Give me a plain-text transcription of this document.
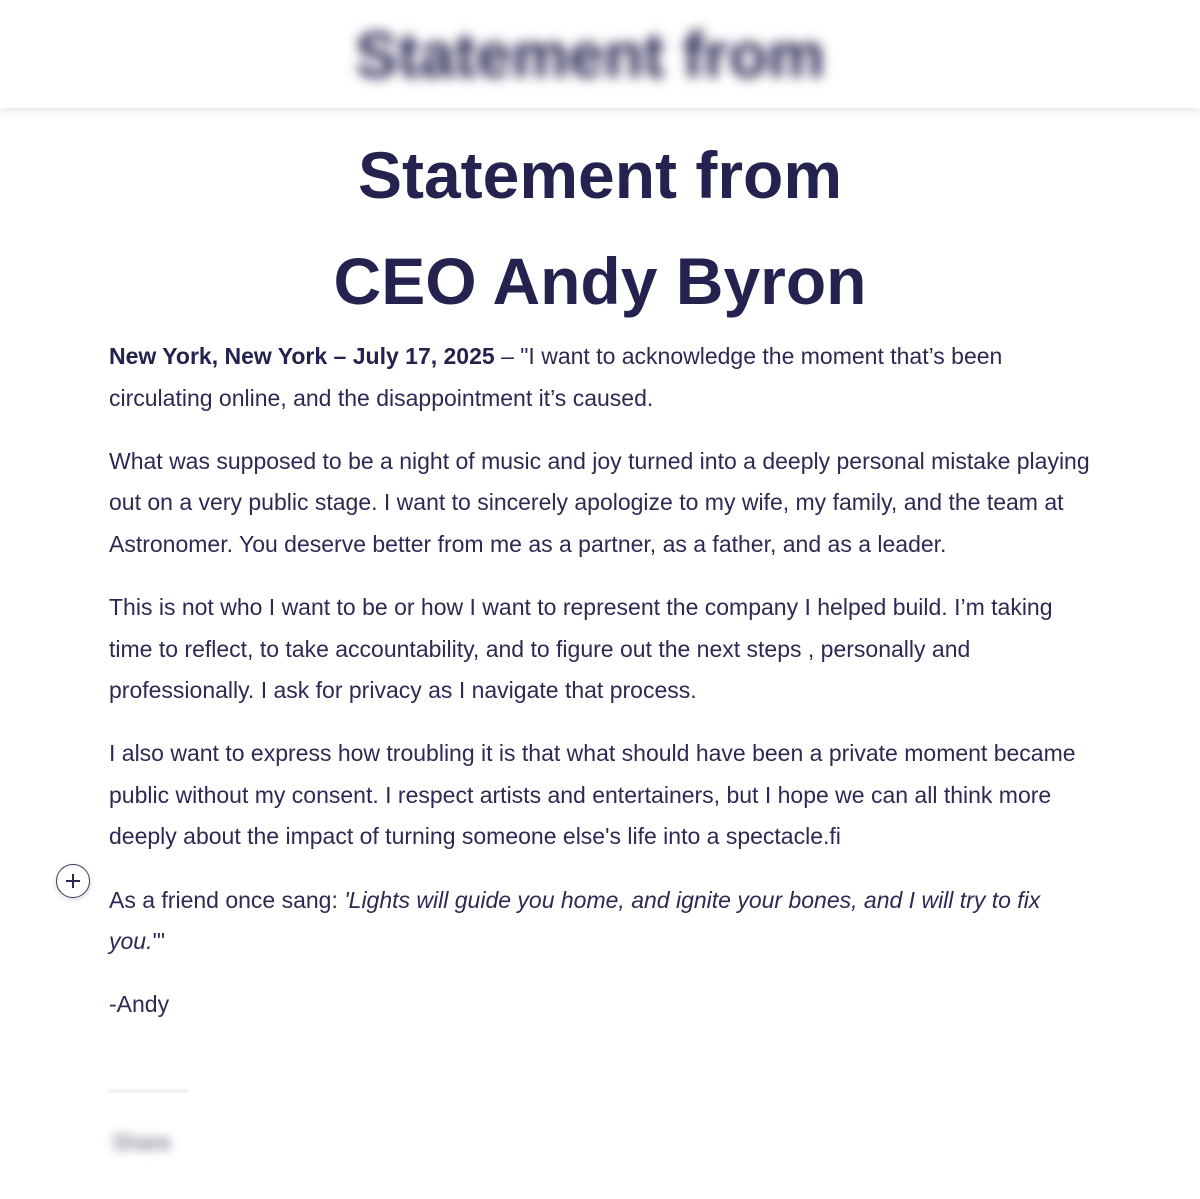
Statement from
Statement from
CEO Andy Byron

New York, New York – July 17, 2025 – "I want to acknowledge the moment that’s been circulating online, and the disappointment it’s caused.

What was supposed to be a night of music and joy turned into a deeply personal mistake playing out on a very public stage. I want to sincerely apologize to my wife, my family, and the team at Astronomer. You deserve better from me as a partner, as a father, and as a leader.

This is not who I want to be or how I want to represent the company I helped build. I’m taking time to reflect, to take accountability, and to figure out the next steps , personally and professionally. I ask for privacy as I navigate that process.

I also want to express how troubling it is that what should have been a private moment became public without my consent. I respect artists and entertainers, but I hope we can all think more deeply about the impact of turning someone else's life into a spectacle.fi

As a friend once sang: 'Lights will guide you home, and ignite your bones, and I will try to fix you.'"

-Andy

Share
